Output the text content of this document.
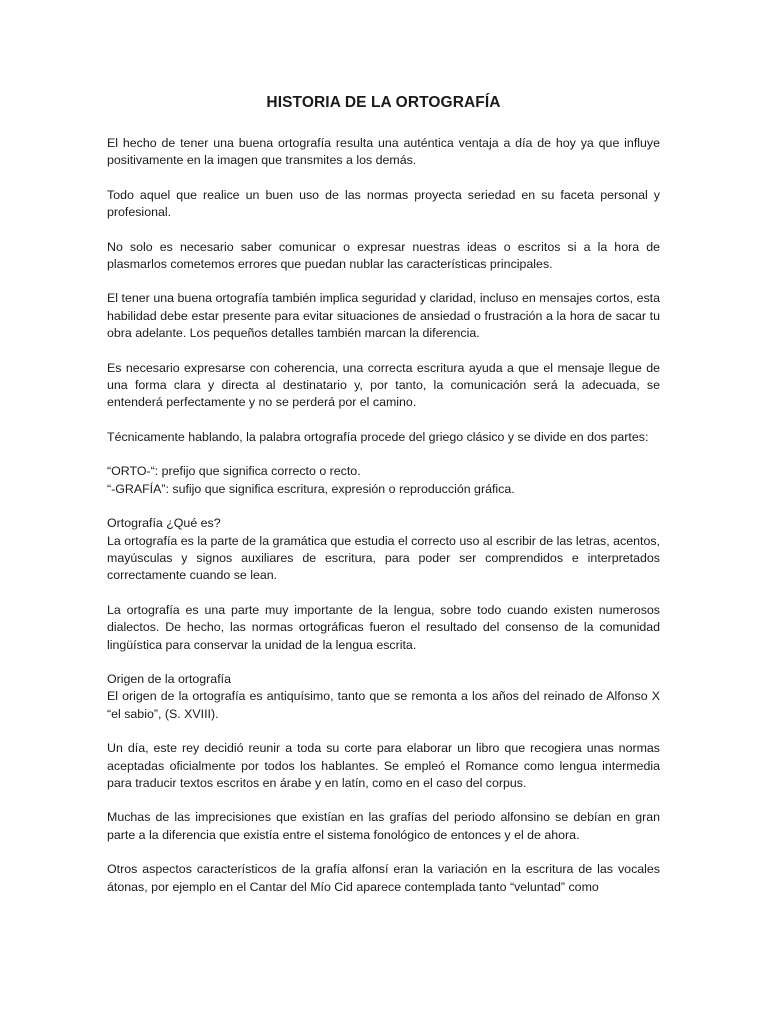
HISTORIA DE LA ORTOGRAFÍA

El hecho de tener una buena ortografía resulta una auténtica ventaja a día de hoy ya que influye positivamente en la imagen que transmites a los demás.

Todo aquel que realice un buen uso de las normas proyecta seriedad en su faceta personal y profesional.

No solo es necesario saber comunicar o expresar nuestras ideas o escritos si a la hora de plasmarlos cometemos errores que puedan nublar las características principales.

El tener una buena ortografía también implica seguridad y claridad, incluso en mensajes cortos, esta habilidad debe estar presente para evitar situaciones de ansiedad o frustración a la hora de sacar tu obra adelante. Los pequeños detalles también marcan la diferencia.

Es necesario expresarse con coherencia, una correcta escritura ayuda a que el mensaje llegue de una forma clara y directa al destinatario y, por tanto, la comunicación será la adecuada, se entenderá perfectamente y no se perderá por el camino.

Técnicamente hablando, la palabra ortografía procede del griego clásico y se divide en dos partes:

“ORTO-“: prefijo que significa correcto o recto.
“-GRAFÍA”: sufijo que significa escritura, expresión o reproducción gráfica.

Ortografía ¿Qué es?

La ortografía es la parte de la gramática que estudia el correcto uso al escribir de las letras, acentos, mayúsculas y signos auxiliares de escritura, para poder ser comprendidos e interpretados correctamente cuando se lean.

La ortografía es una parte muy importante de la lengua, sobre todo cuando existen numerosos dialectos. De hecho, las normas ortográficas fueron el resultado del consenso de la comunidad lingüística para conservar la unidad de la lengua escrita.

Origen de la ortografía

El origen de la ortografía es antiquísimo, tanto que se remonta a los años del reinado de Alfonso X “el sabio”, (S. XVIII).

Un día, este rey decidió reunir a toda su corte para elaborar un libro que recogiera unas normas aceptadas oficialmente por todos los hablantes. Se empleó el Romance como lengua intermedia para traducir textos escritos en árabe y en latín, como en el caso del corpus.

Muchas de las imprecisiones que existían en las grafías del periodo alfonsino se debían en gran parte a la diferencia que existía entre el sistema fonológico de entonces y el de ahora.

Otros aspectos característicos de la grafía alfonsí eran la variación en la escritura de las vocales átonas, por ejemplo en el Cantar del Mío Cid aparece contemplada tanto “veluntad” como
